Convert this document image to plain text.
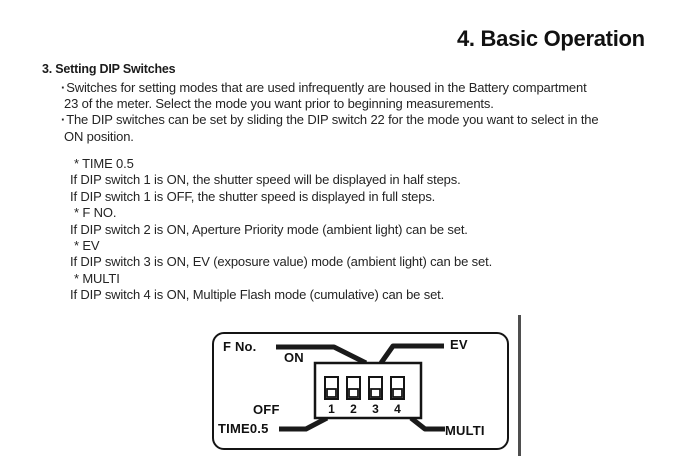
4. Basic Operation
3. Setting DIP Switches
·Switches for setting modes that are used infrequently are housed in the Battery compartment
23 of the meter. Select the mode you want prior to beginning measurements.
·The DIP switches can be set by sliding the DIP switch 22 for the mode you want to select in the
ON position.
* TIME 0.5
If DIP switch 1 is ON, the shutter speed will be displayed in half steps.
If DIP switch 1 is OFF, the shutter speed is displayed in full steps.
* F NO.
If DIP switch 2 is ON, Aperture Priority mode (ambient light) can be set.
* EV
If DIP switch 3 is ON, EV (exposure value) mode (ambient light) can be set.
* MULTI
If DIP switch 4 is ON, Multiple Flash mode (cumulative) can be set.
F No.
ON
EV
OFF
TIME0.5	MULTI
1 2 3 4
